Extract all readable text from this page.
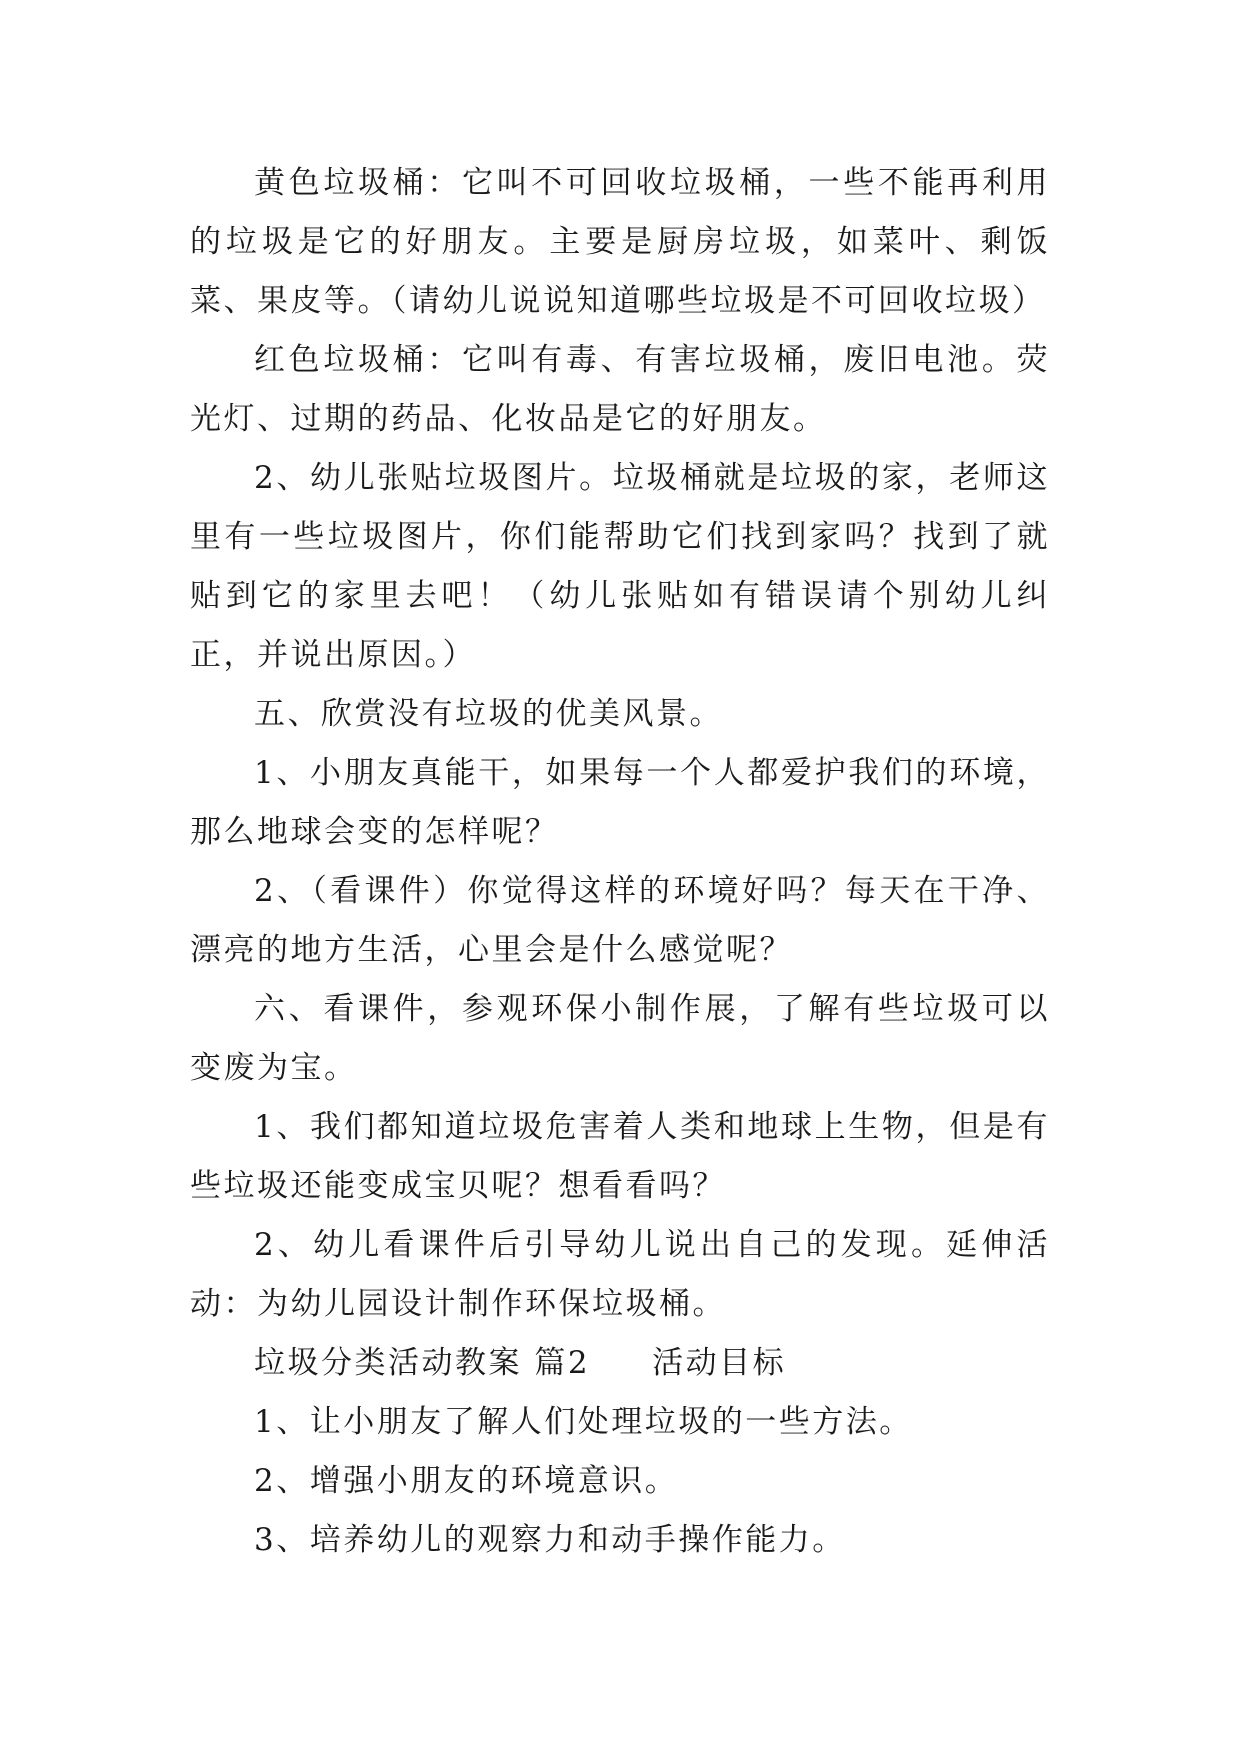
黄色垃圾桶：它叫不可回收垃圾桶，一些不能再利用的垃圾是它的好朋友。主要是厨房垃圾，如菜叶、剩饭菜、果皮等。（请幼儿说说知道哪些垃圾是不可回收垃圾）

红色垃圾桶：它叫有毒、有害垃圾桶，废旧电池。荧光灯、过期的药品、化妆品是它的好朋友。

2、幼儿张贴垃圾图片。垃圾桶就是垃圾的家，老师这里有一些垃圾图片，你们能帮助它们找到家吗？找到了就贴到它的家里去吧！（幼儿张贴如有错误请个别幼儿纠正，并说出原因。）

五、欣赏没有垃圾的优美风景。

1、小朋友真能干，如果每一个人都爱护我们的环境，那么地球会变的怎样呢？

2、（看课件）你觉得这样的环境好吗？每天在干净、漂亮的地方生活，心里会是什么感觉呢？

六、看课件，参观环保小制作展，了解有些垃圾可以变废为宝。

1、我们都知道垃圾危害着人类和地球上生物，但是有些垃圾还能变成宝贝呢？想看看吗？

2、幼儿看课件后引导幼儿说出自己的发现。延伸活动：为幼儿园设计制作环保垃圾桶。

垃圾分类活动教案 篇2 活动目标

1、让小朋友了解人们处理垃圾的一些方法。

2、增强小朋友的环境意识。

3、培养幼儿的观察力和动手操作能力。
